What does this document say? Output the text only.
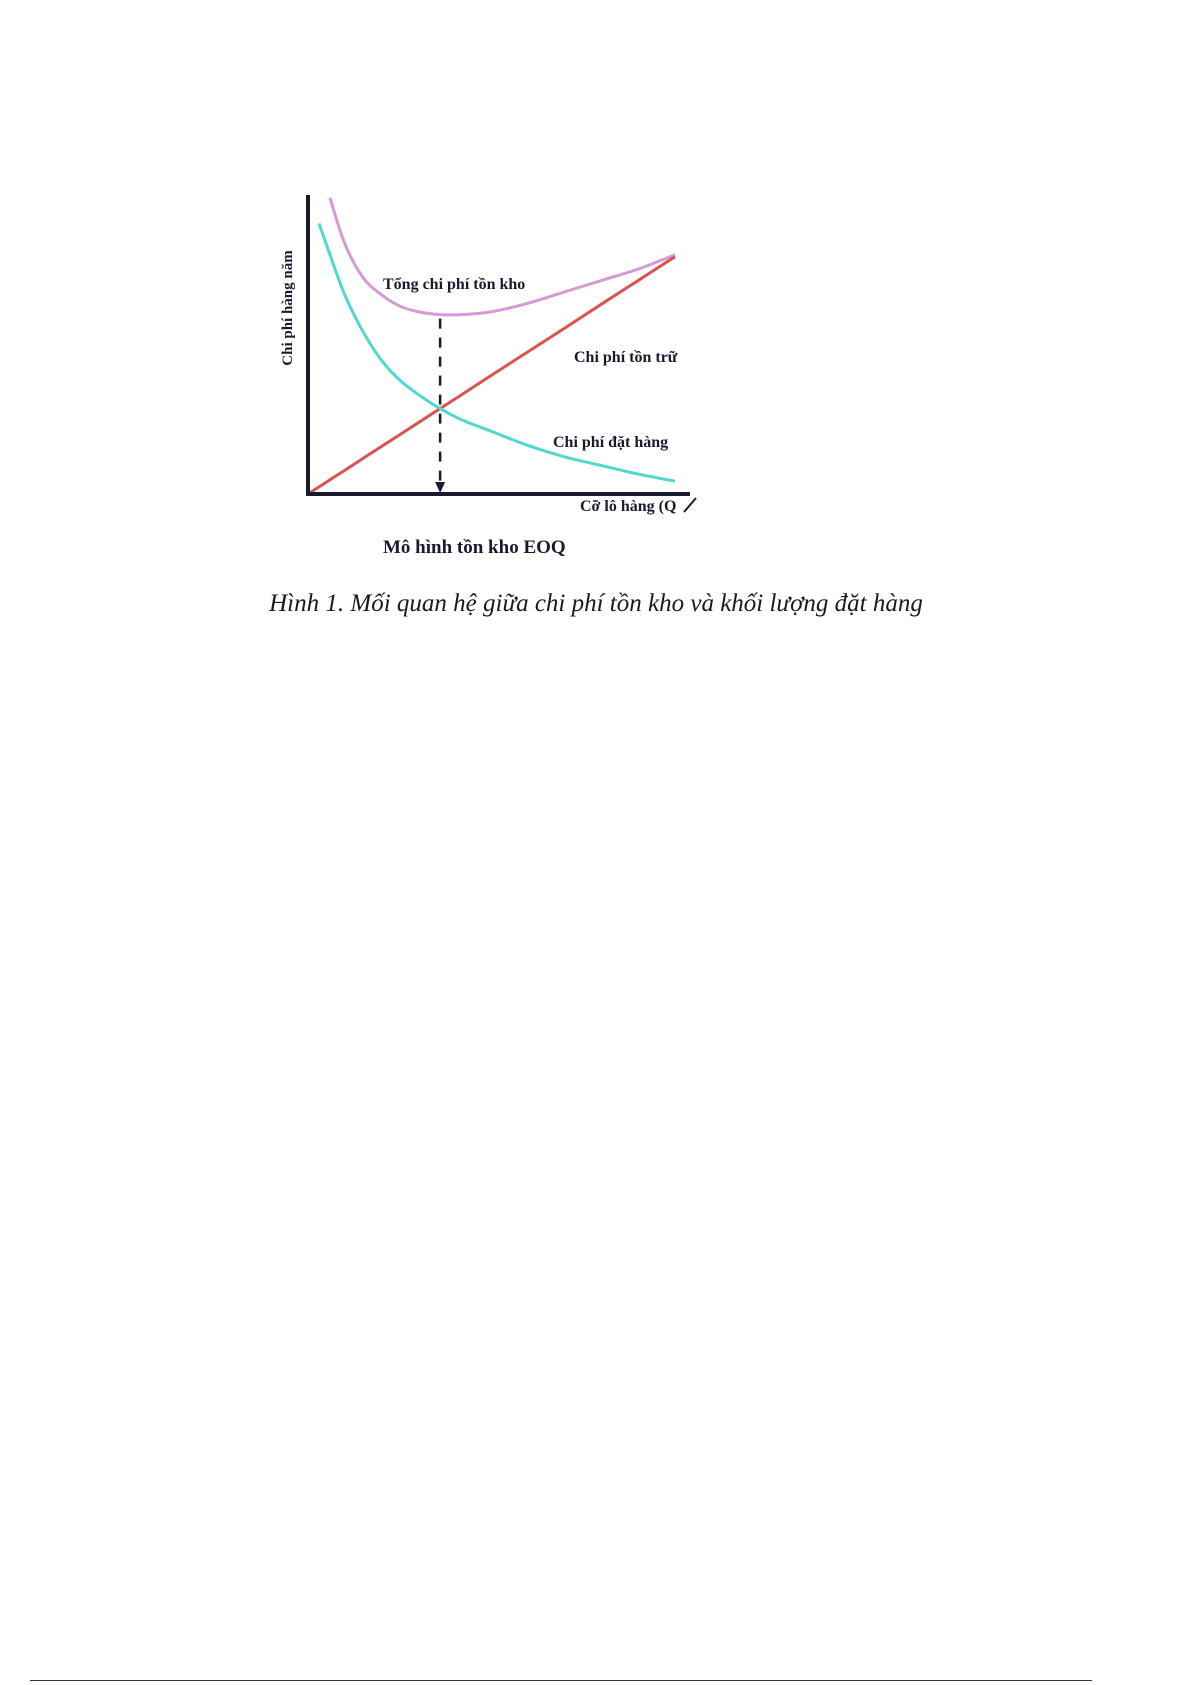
Chi phí hàng năm
Cỡ lô hàng (Q
Tổng chi phí tồn kho
Chi phí tồn trữ
Chi phí đặt hàng
Mô hình tồn kho EOQ
Hình 1. Mối quan hệ giữa chi phí tồn kho và khối lượng đặt hàng
